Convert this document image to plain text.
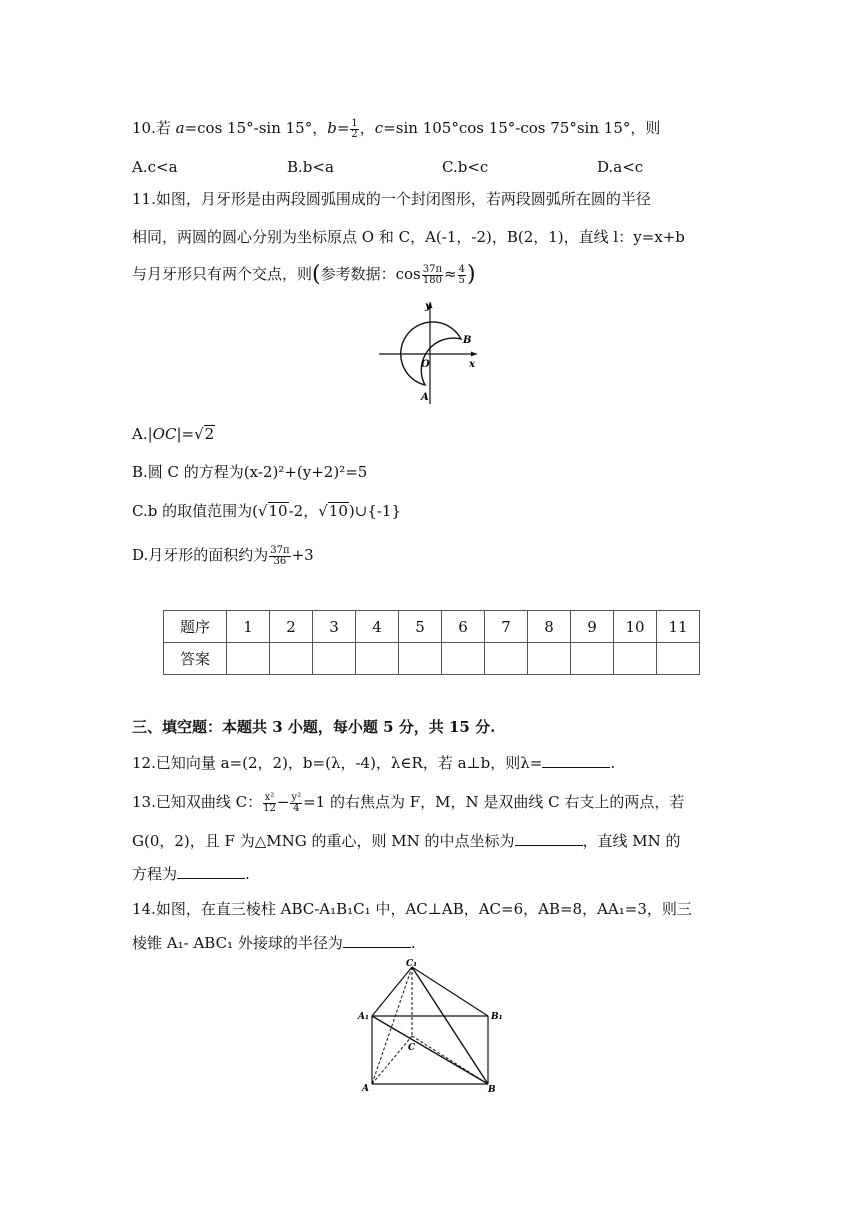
10.若 a=cos 15°-sin 15°，$b= \frac{1}{2}$ ，c=sin 105°cos 15°-cos 75°sin 15°，则
A.c<a	B.b<a	C.b<c	D.a<c
11.如图，月牙形是由两段圆弧围成的一个封闭图形，若两段圆弧所在圆的半径
相同，两圆的圆心分别为坐标原点 O 和 C，A(-1，-2)，B(2，1)，直线 l：y=x+b
与月牙形只有两个交点，则(参考数据：$\cos \frac{37\pi}{180} \approx \frac{4}{5}$ )
y
x
O
A
B
A.|OC|=√2
B.圆 C 的方程为(x-2)²+(y+2)²=5
C.b 的取值范围为(√10-2，√10)∪{-1}
D.月牙形的面积约为 $\frac{37\pi}{36} +3$
题序	1	2	3	4	5	6	7	8	9	10	11
答案											
三、填空题：本题共 3 小题，每小题 5 分，共 15 分.
12.已知向量 a=(2，2)，b=(λ，-4)，λ∈R，若 a⊥b，则λ=	.
13.已知双曲线 C： $\frac{\text{x²}}{12} - \frac{\text{y²}}{4} =1$ 的右焦点为 F，M，N 是双曲线 C 右支上的两点，若
G(0，2)，且 F 为△MNG 的重心，则 MN 的中点坐标为	，直线 MN 的
方程为	.
14.如图，在直三棱柱 ABC-A₁B₁C₁ 中，AC⊥AB，AC=6，AB=8，AA₁=3，则三
棱锥 A₁- ABC₁ 外接球的半径为	.
C₁
A₁	B₁
C
A	B
